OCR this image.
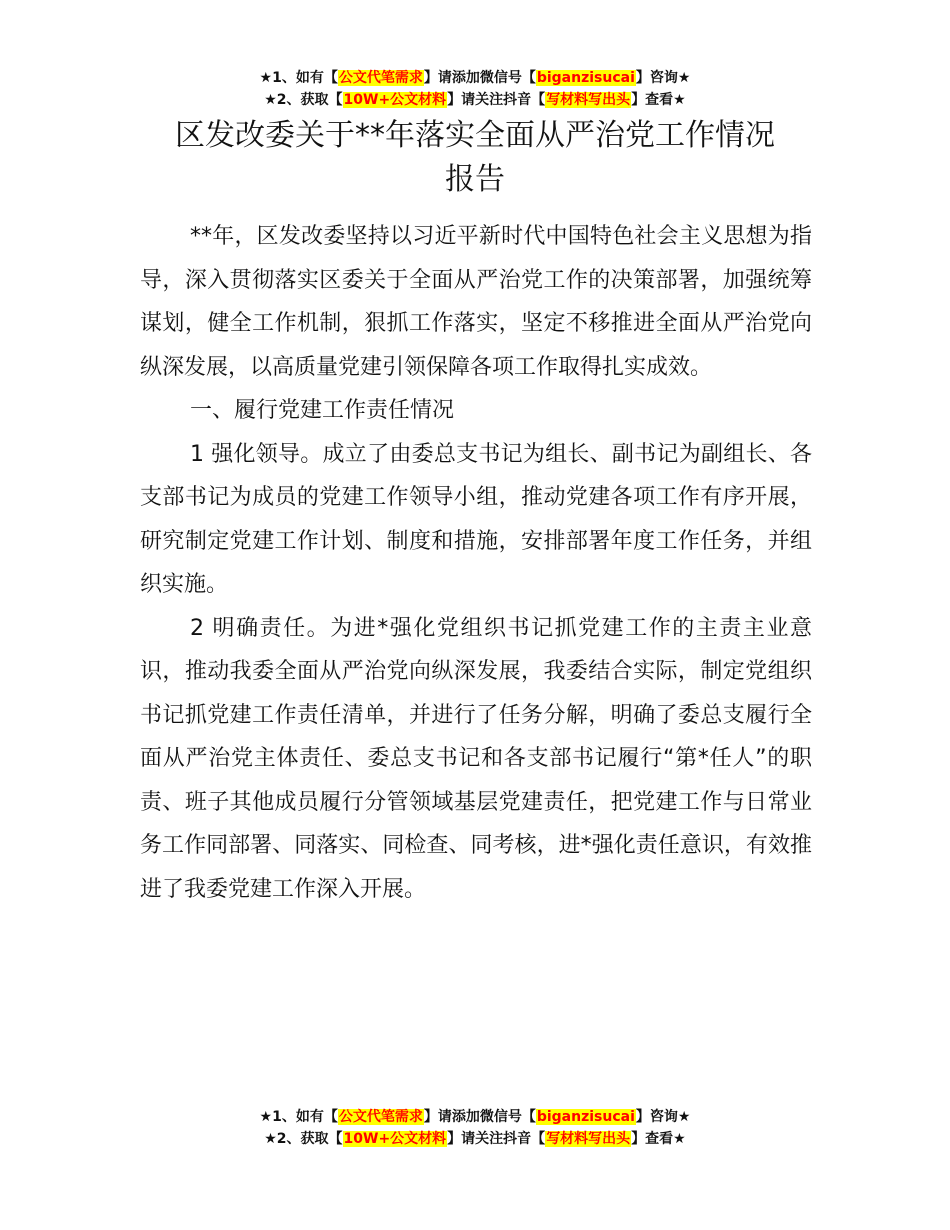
★1、如有【公文代笔需求】请添加微信号【biganzisucai】咨询★
★2、获取【10W+公文材料】请关注抖音【写材料写出头】查看★
区发改委关于**年落实全面从严治党工作情况
报告

**年，区发改委坚持以习近平新时代中国特色社会主义思想为指导，深入贯彻落实区委关于全面从严治党工作的决策部署，加强统筹谋划，健全工作机制，狠抓工作落实，坚定不移推进全面从严治党向纵深发展，以高质量党建引领保障各项工作取得扎实成效。

一、履行党建工作责任情况

1 强化领导。成立了由委总支书记为组长、副书记为副组长、各支部书记为成员的党建工作领导小组，推动党建各项工作有序开展，研究制定党建工作计划、制度和措施，安排部署年度工作任务，并组织实施。

2 明确责任。为进*强化党组织书记抓党建工作的主责主业意识，推动我委全面从严治党向纵深发展，我委结合实际，制定党组织书记抓党建工作责任清单，并进行了任务分解，明确了委总支履行全面从严治党主体责任、委总支书记和各支部书记履行“第*任人”的职责、班子其他成员履行分管领域基层党建责任，把党建工作与日常业务工作同部署、同落实、同检查、同考核，进*强化责任意识，有效推进了我委党建工作深入开展。

★1、如有【公文代笔需求】请添加微信号【biganzisucai】咨询★
★2、获取【10W+公文材料】请关注抖音【写材料写出头】查看★
